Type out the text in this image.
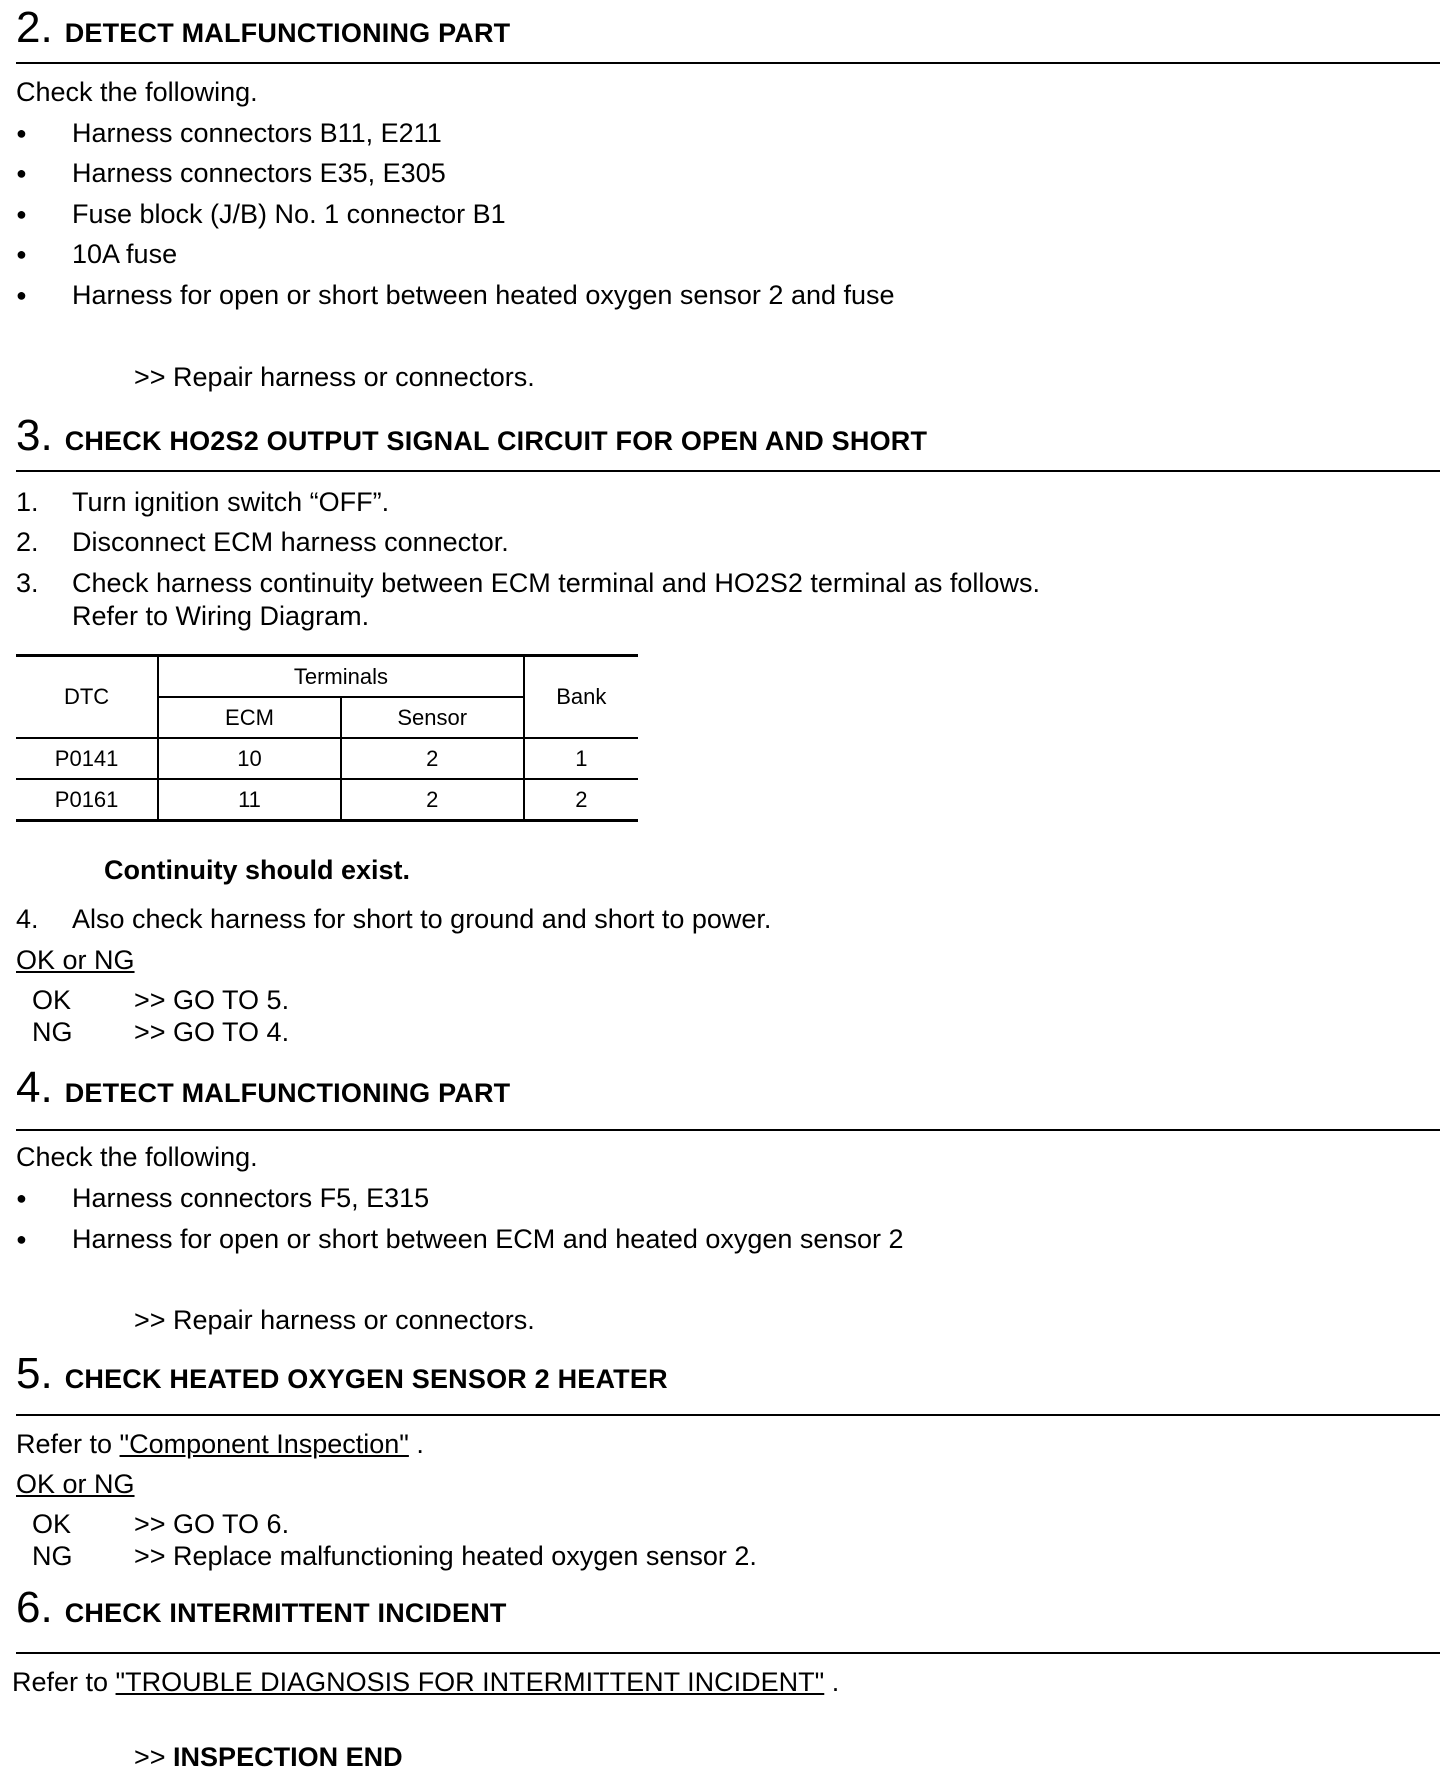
2. DETECT MALFUNCTIONING PART
Check the following.
●	Harness connectors B11, E211
●	Harness connectors E35, E305
●	Fuse block (J/B) No. 1 connector B1
●	10A fuse
●	Harness for open or short between heated oxygen sensor 2 and fuse
>> Repair harness or connectors.
3. CHECK HO2S2 OUTPUT SIGNAL CIRCUIT FOR OPEN AND SHORT
1.	Turn ignition switch “OFF”.
2.	Disconnect ECM harness connector.
3.	Check harness continuity between ECM terminal and HO2S2 terminal as follows.
Refer to Wiring Diagram.
DTC	Terminals		Bank
	ECM	Sensor	
P0141	10	2	1
P0161	11	2	2
Continuity should exist.
4.	Also check harness for short to ground and short to power.
OK or NG
OK	>> GO TO 5.
NG	>> GO TO 4.
4. DETECT MALFUNCTIONING PART
Check the following.
●	Harness connectors F5, E315
●	Harness for open or short between ECM and heated oxygen sensor 2
>> Repair harness or connectors.
5. CHECK HEATED OXYGEN SENSOR 2 HEATER
Refer to "Component Inspection" .
OK or NG
OK	>> GO TO 6.
NG	>> Replace malfunctioning heated oxygen sensor 2.
6. CHECK INTERMITTENT INCIDENT
Refer to "TROUBLE DIAGNOSIS FOR INTERMITTENT INCIDENT" .
>> INSPECTION END
